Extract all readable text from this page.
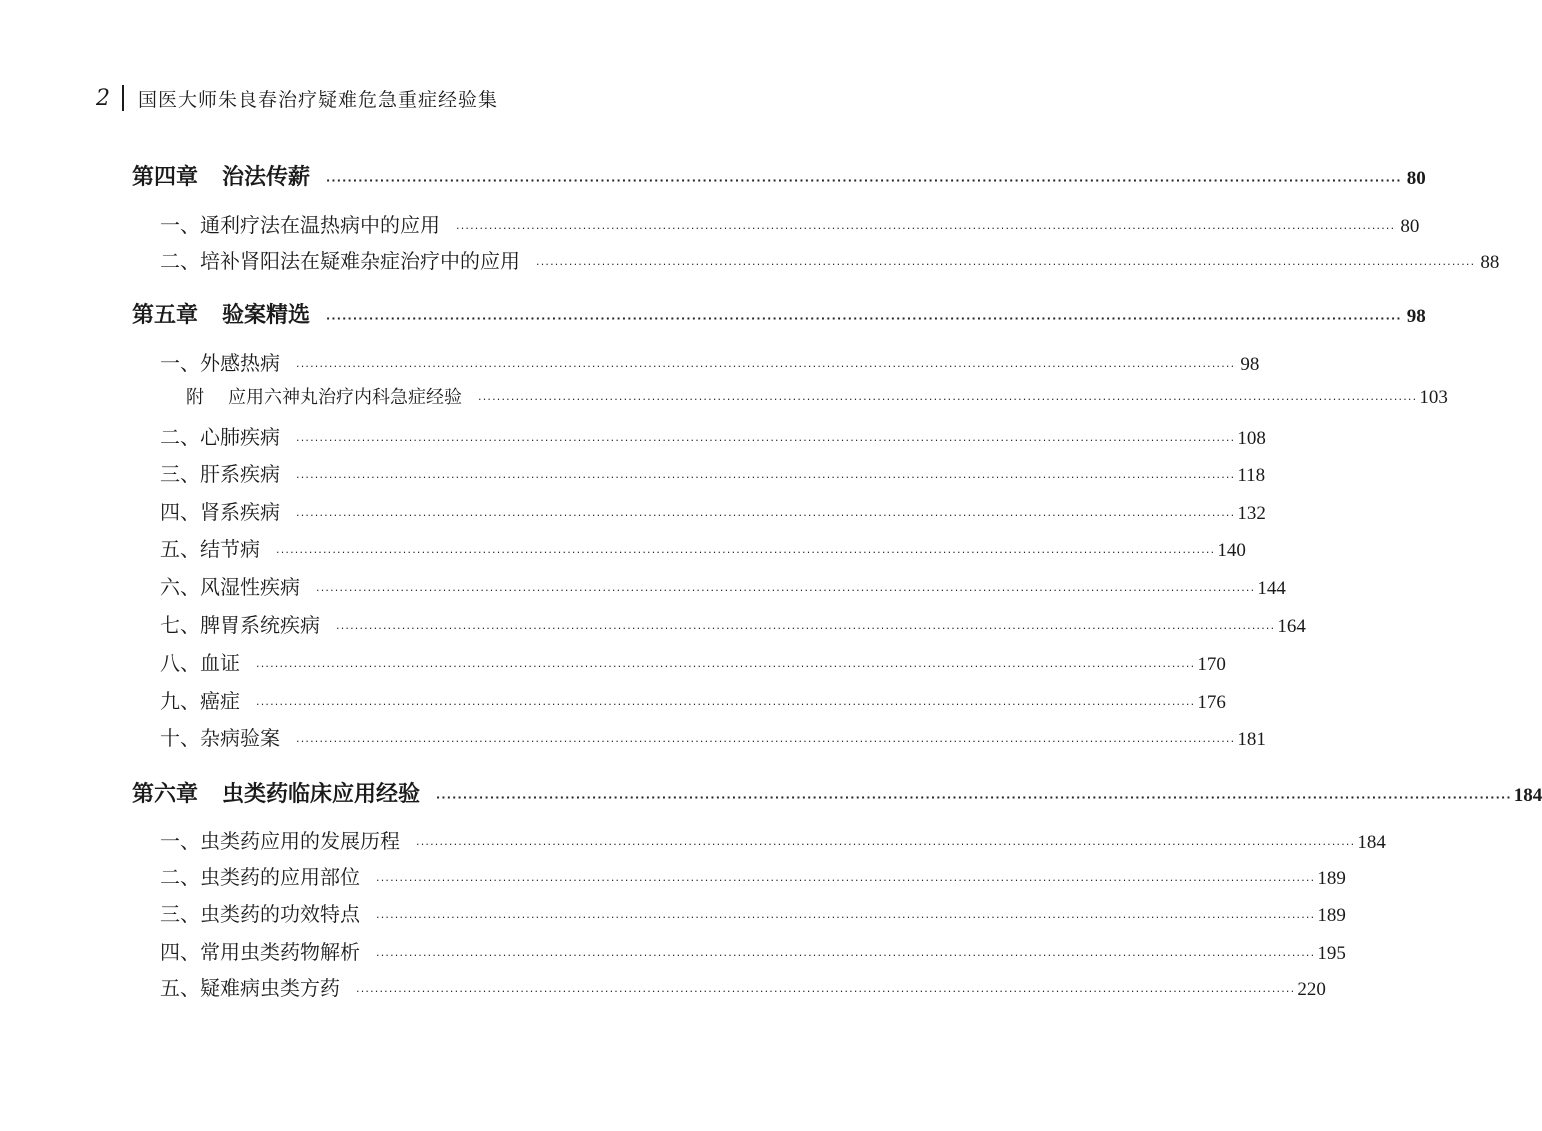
2 国医大师朱良春治疗疑难危急重症经验集
第四章 治法传薪 ········································································································································································································ 80
一、通利疗法在温热病中的应用 ········································································································································································································ 80
二、培补肾阳法在疑难杂症治疗中的应用 ········································································································································································································ 88
第五章 验案精选 ········································································································································································································ 98
一、外感热病 ········································································································································································································ 98
附 应用六神丸治疗内科急症经验 ········································································································································································································ 103
二、心肺疾病 ········································································································································································································ 108
三、肝系疾病 ········································································································································································································ 118
四、肾系疾病 ········································································································································································································ 132
五、结节病 ········································································································································································································ 140
六、风湿性疾病 ········································································································································································································ 144
七、脾胃系统疾病 ········································································································································································································ 164
八、血证 ········································································································································································································ 170
九、癌症 ········································································································································································································ 176
十、杂病验案 ········································································································································································································ 181
第六章 虫类药临床应用经验 ········································································································································································································ 184
一、虫类药应用的发展历程 ········································································································································································································ 184
二、虫类药的应用部位 ········································································································································································································ 189
三、虫类药的功效特点 ········································································································································································································ 189
四、常用虫类药物解析 ········································································································································································································ 195
五、疑难病虫类方药 ········································································································································································································ 220
